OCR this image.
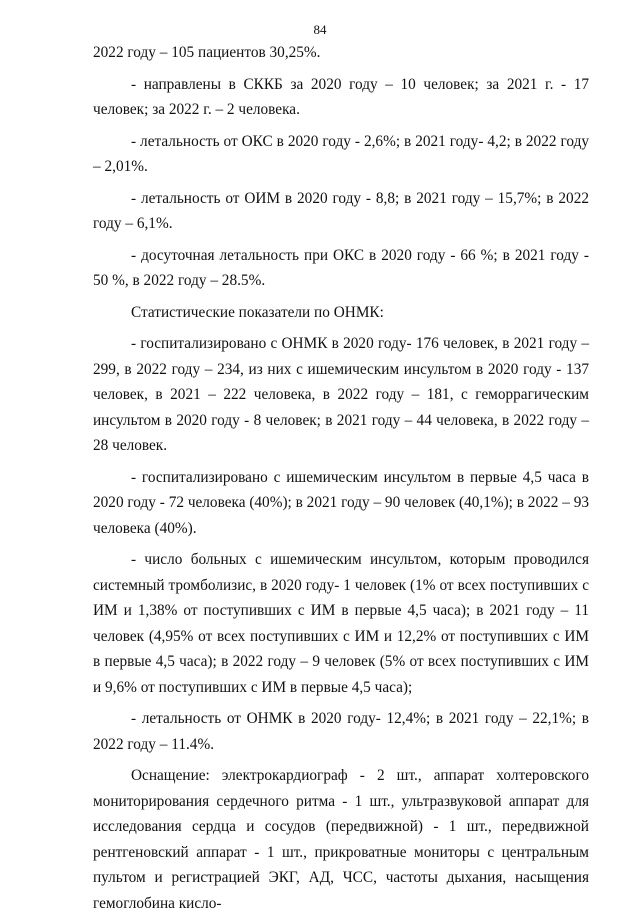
84

2022 году – 105 пациентов 30,25%.

- направлены в СККБ за 2020 году – 10 человек; за 2021 г. - 17 человек; за 2022 г. – 2 человека.

- летальность от ОКС в 2020 году - 2,6%; в 2021 году- 4,2; в 2022 году – 2,01%.

- летальность от ОИМ в 2020 году - 8,8; в 2021 году – 15,7%; в 2022 году – 6,1%.

- досуточная летальность при ОКС в 2020 году - 66 %; в 2021 году - 50 %, в 2022 году – 28.5%.

Статистические показатели по ОНМК:

- госпитализировано с ОНМК в 2020 году- 176 человек, в 2021 году – 299, в 2022 году – 234, из них с ишемическим инсультом в 2020 году - 137 человек, в 2021 – 222 человека, в 2022 году – 181, с геморрагическим инсультом в 2020 году - 8 человек; в 2021 году – 44 человека, в 2022 году – 28 человек.

- госпитализировано с ишемическим инсультом в первые 4,5 часа в 2020 году - 72 человека (40%); в 2021 году – 90 человек (40,1%); в 2022 – 93 человека (40%).

- число больных с ишемическим инсультом, которым проводился системный тромболизис, в 2020 году- 1 человек (1% от всех поступивших с ИМ и 1,38% от поступивших с ИМ в первые 4,5 часа); в 2021 году – 11 человек (4,95% от всех поступивших с ИМ и 12,2% от поступивших с ИМ в первые 4,5 часа); в 2022 году – 9 человек (5% от всех поступивших с ИМ и 9,6% от поступивших с ИМ в первые 4,5 часа);

- летальность от ОНМК в 2020 году- 12,4%; в 2021 году – 22,1%; в 2022 году – 11.4%.

Оснащение: электрокардиограф - 2 шт., аппарат холтеровского мониторирования сердечного ритма - 1 шт., ультразвуковой аппарат для исследования сердца и сосудов (передвижной) - 1 шт., передвижной рентгеновский аппарат - 1 шт., прикроватные мониторы с центральным пультом и регистрацией ЭКГ, АД, ЧСС, частоты дыхания, насыщения гемоглобина кисло-
